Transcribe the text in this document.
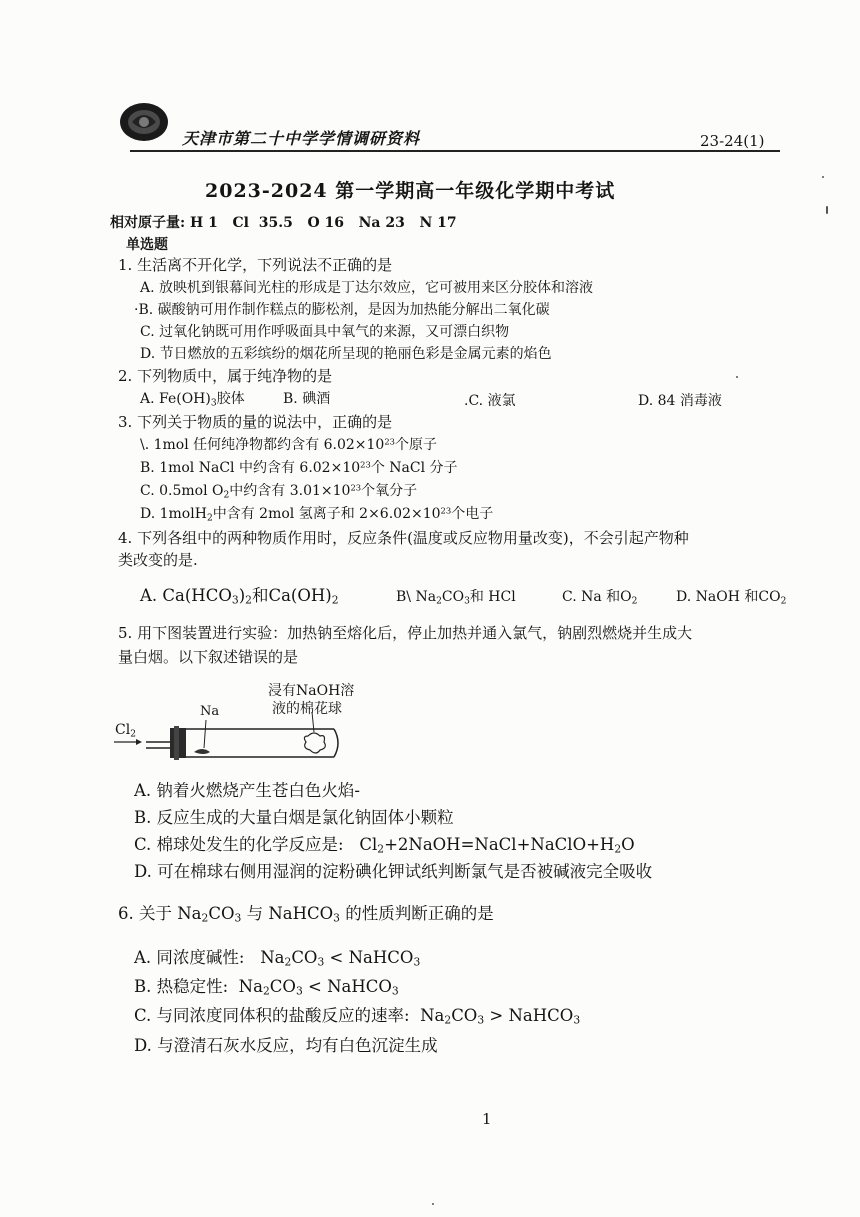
天津市第二十中学学情调研资料	23-24(1)
2023-2024 第一学期高一年级化学期中考试
相对原子量: H 1   Cl  35.5   O 16   Na 23   N 17
单选题
1. 生活离不开化学，下列说法不正确的是
A. 放映机到银幕间光柱的形成是丁达尔效应，它可被用来区分胶体和溶液
·B. 碳酸钠可用作制作糕点的膨松剂，是因为加热能分解出二氧化碳
C. 过氧化钠既可用作呼吸面具中氧气的来源，又可漂白织物
D. 节日燃放的五彩缤纷的烟花所呈现的艳丽色彩是金属元素的焰色
2. 下列物质中，属于纯净物的是
A. $Fe(OH)_3$胶体	B. 碘酒	.C. 液氯	D. 84 消毒液
3. 下列关于物质的量的说法中，正确的是
\. 1mol 任何纯净物都约含有 $6.02\times 10^{23}$个原子
B. 1mol NaCl 中约含有 $6.02\times 10^{23}$个 NaCl 分子
C. 0.5mol $O_2$中约含有 $3.01\times 10^{23}$个氧分子
D. 1molH$_2$中含有 2mol 氢离子和 $2\times 6.02\times 10^{23}$个电子
4. 下列各组中的两种物质作用时，反应条件(温度或反应物用量改变)，不会引起产物种
类改变的是.
A. $Ca(HCO_3)_2$和$Ca(OH)_2$	B\ $Na_2CO_3$和 HCl	C. Na 和$O_2$	D. NaOH 和$CO_2$
5. 用下图装置进行实验：加热钠至熔化后，停止加热并通入氯气，钠剧烈燃烧并生成大
量白烟。以下叙述错误的是
$Cl_2$
Na
浸有NaOH溶
液的棉花球
A. 钠着火燃烧产生苍白色火焰-
B. 反应生成的大量白烟是氯化钠固体小颗粒
C. 棉球处发生的化学反应是:   $Cl_2+2NaOH=NaCl+NaClO+H_2O$
D. 可在棉球右侧用湿润的淀粉碘化钾试纸判断氯气是否被碱液完全吸收
6. 关于 $Na_2CO_3$ 与 NaHCO$_3$ 的性质判断正确的是
A. 同浓度碱性:   $Na_2CO_3$ < NaHCO$_3$
B. 热稳定性:  $Na_2CO_3$ < NaHCO$_3$
C. 与同浓度同体积的盐酸反应的速率:  $Na_2CO_3$ > NaHCO$_3$
D. 与澄清石灰水反应，均有白色沉淀生成
1
